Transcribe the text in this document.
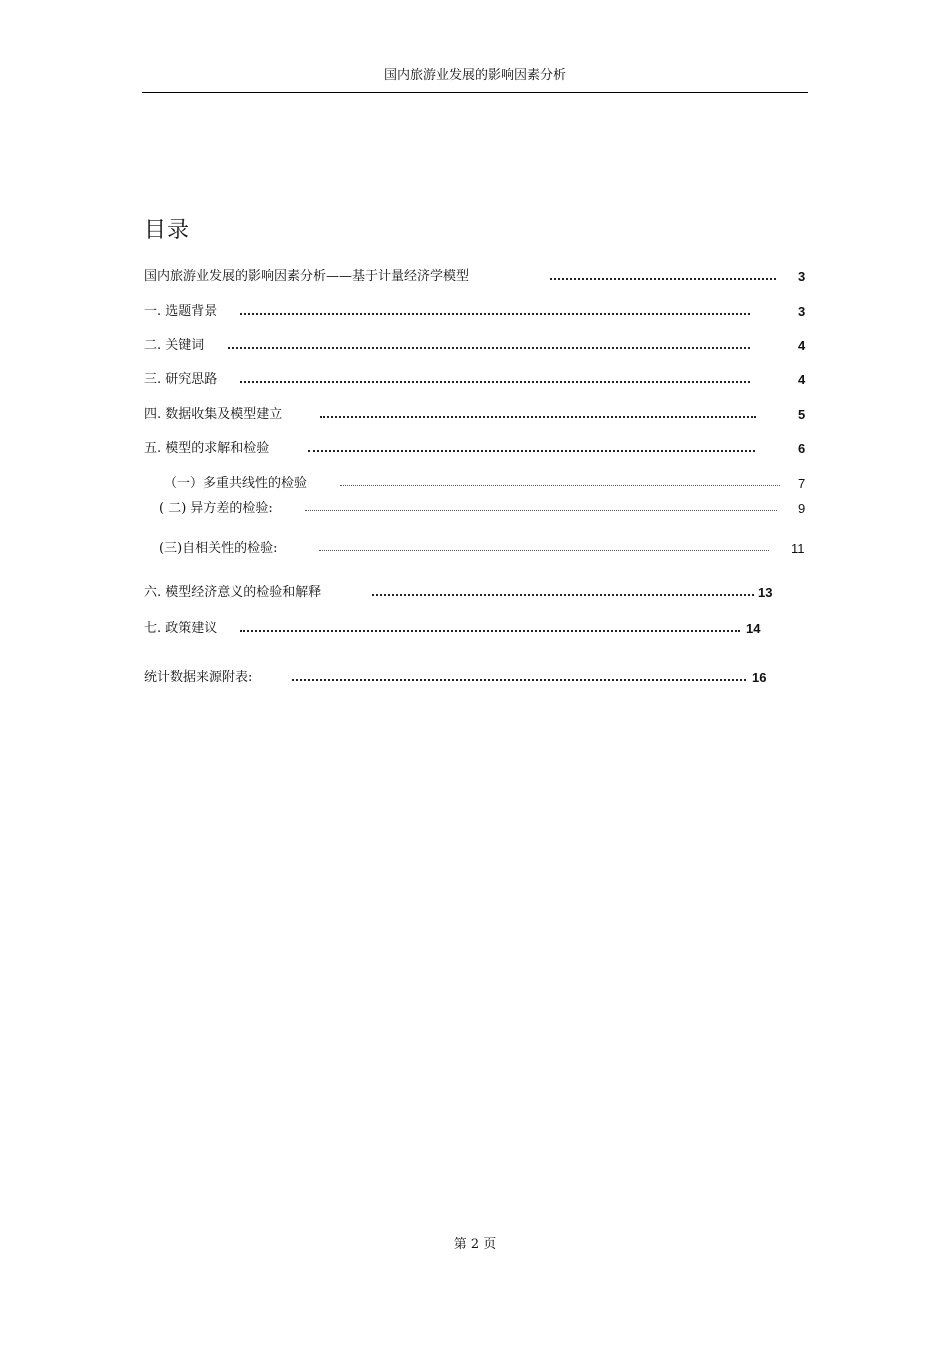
国内旅游业发展的影响因素分析
目录
国内旅游业发展的影响因素分析——基于计量经济学模型	3
一. 选题背景	3
二. 关键词	4
三. 研究思路	4
四. 数据收集及模型建立	5
五. 模型的求解和检验	6
（一）多重共线性的检验	7
( 二) 异方差的检验:	9
(三)自相关性的检验:	11
六. 模型经济意义的检验和解释	13
七. 政策建议	14
统计数据来源附表:	16
第 2 页
